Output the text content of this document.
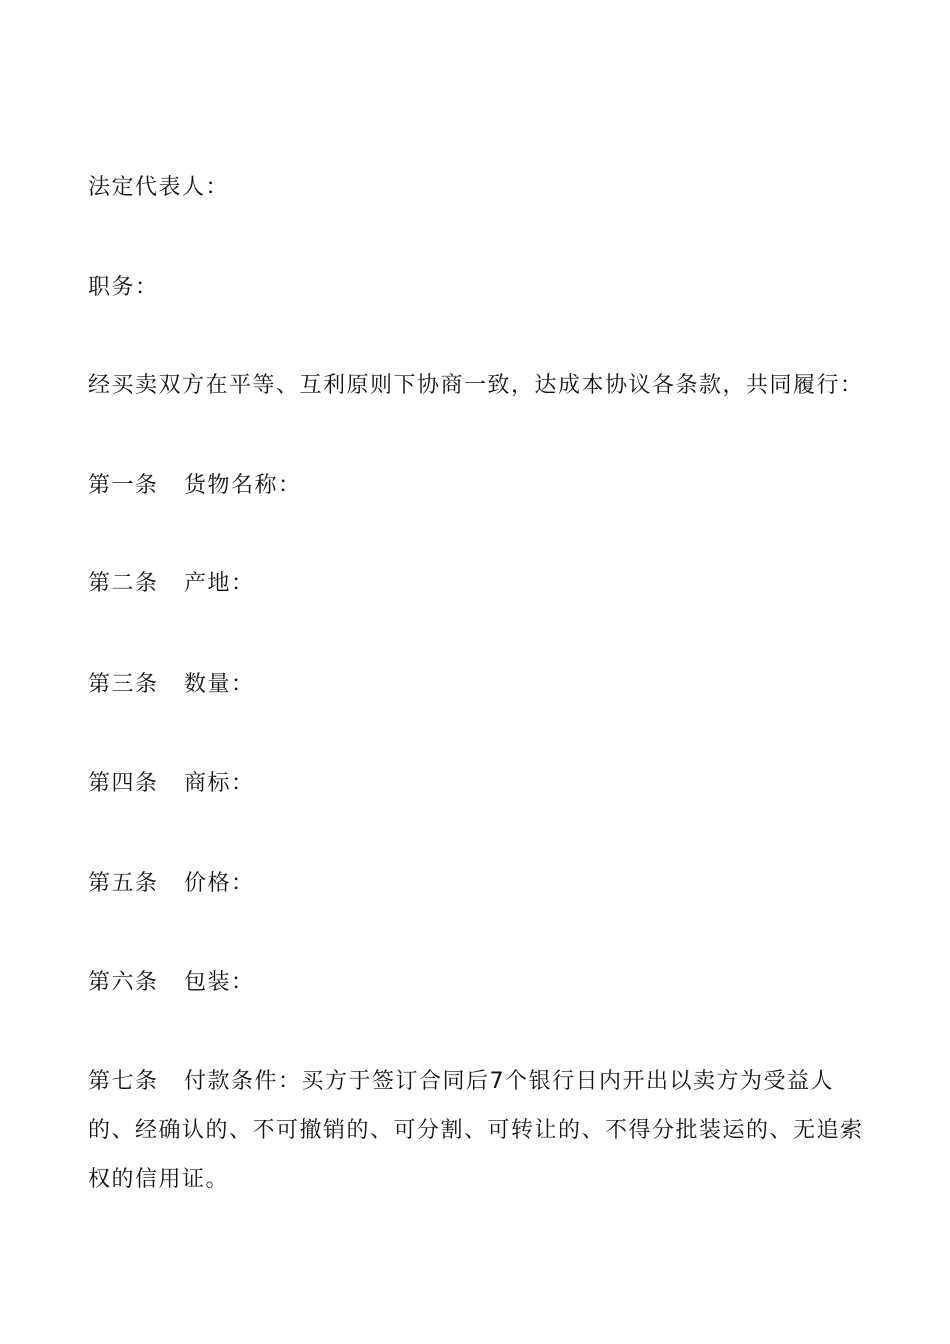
法定代表人：
职务：
经买卖双方在平等、互利原则下协商一致，达成本协议各条款，共同履行：
第一条 货物名称：
第二条 产地：
第三条 数量：
第四条 商标：
第五条 价格：
第六条 包装：
第七条 付款条件：买方于签订合同后7个银行日内开出以卖方为受益人的、经确认的、不可撤销的、可分割、可转让的、不得分批装运的、无追索权的信用证。
